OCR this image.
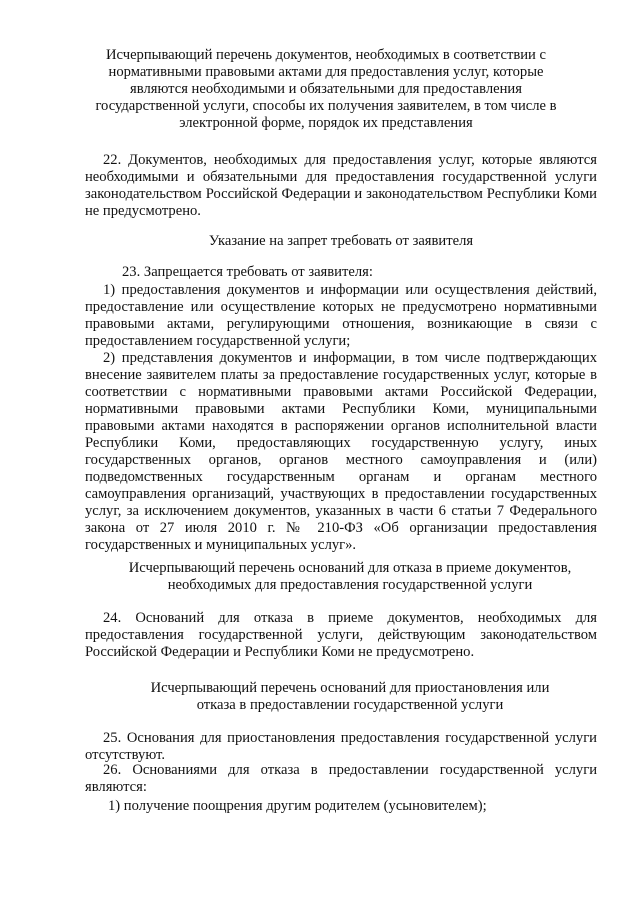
Исчерпывающий перечень документов, необходимых в соответствии с нормативными правовыми актами для предоставления услуг, которые являются необходимыми и обязательными для предоставления государственной услуги, способы их получения заявителем, в том числе в электронной форме, порядок их представления

22. Документов, необходимых для предоставления услуг, которые являются необходимыми и обязательными для предоставления государственной услуги законодательством Российской Федерации и законодательством Республики Коми не предусмотрено.

Указание на запрет требовать от заявителя

23. Запрещается требовать от заявителя:

1) предоставления документов и информации или осуществления действий, предоставление или осуществление которых не предусмотрено нормативными правовыми актами, регулирующими отношения, возникающие в связи с предоставлением государственной услуги;

2) представления документов и информации, в том числе подтверждающих внесение заявителем платы за предоставление государственных услуг, которые в соответствии с нормативными правовыми актами Российской Федерации, нормативными правовыми актами Республики Коми, муниципальными правовыми актами находятся в распоряжении органов исполнительной власти Республики Коми, предоставляющих государственную услугу, иных государственных органов, органов местного самоуправления и (или) подведомственных государственным органам и органам местного самоуправления организаций, участвующих в предоставлении государственных услуг, за исключением документов, указанных в части 6 статьи 7 Федерального закона от 27 июля 2010 г. № 210-ФЗ «Об организации предоставления государственных и муниципальных услуг».

Исчерпывающий перечень оснований для отказа в приеме документов, необходимых для предоставления государственной услуги

24. Оснований для отказа в приеме документов, необходимых для предоставления государственной услуги, действующим законодательством Российской Федерации и Республики Коми не предусмотрено.

Исчерпывающий перечень оснований для приостановления или отказа в предоставлении государственной услуги

25. Основания для приостановления предоставления государственной услуги отсутствуют.

26. Основаниями для отказа в предоставлении государственной услуги являются:

1) получение поощрения другим родителем (усыновителем);
